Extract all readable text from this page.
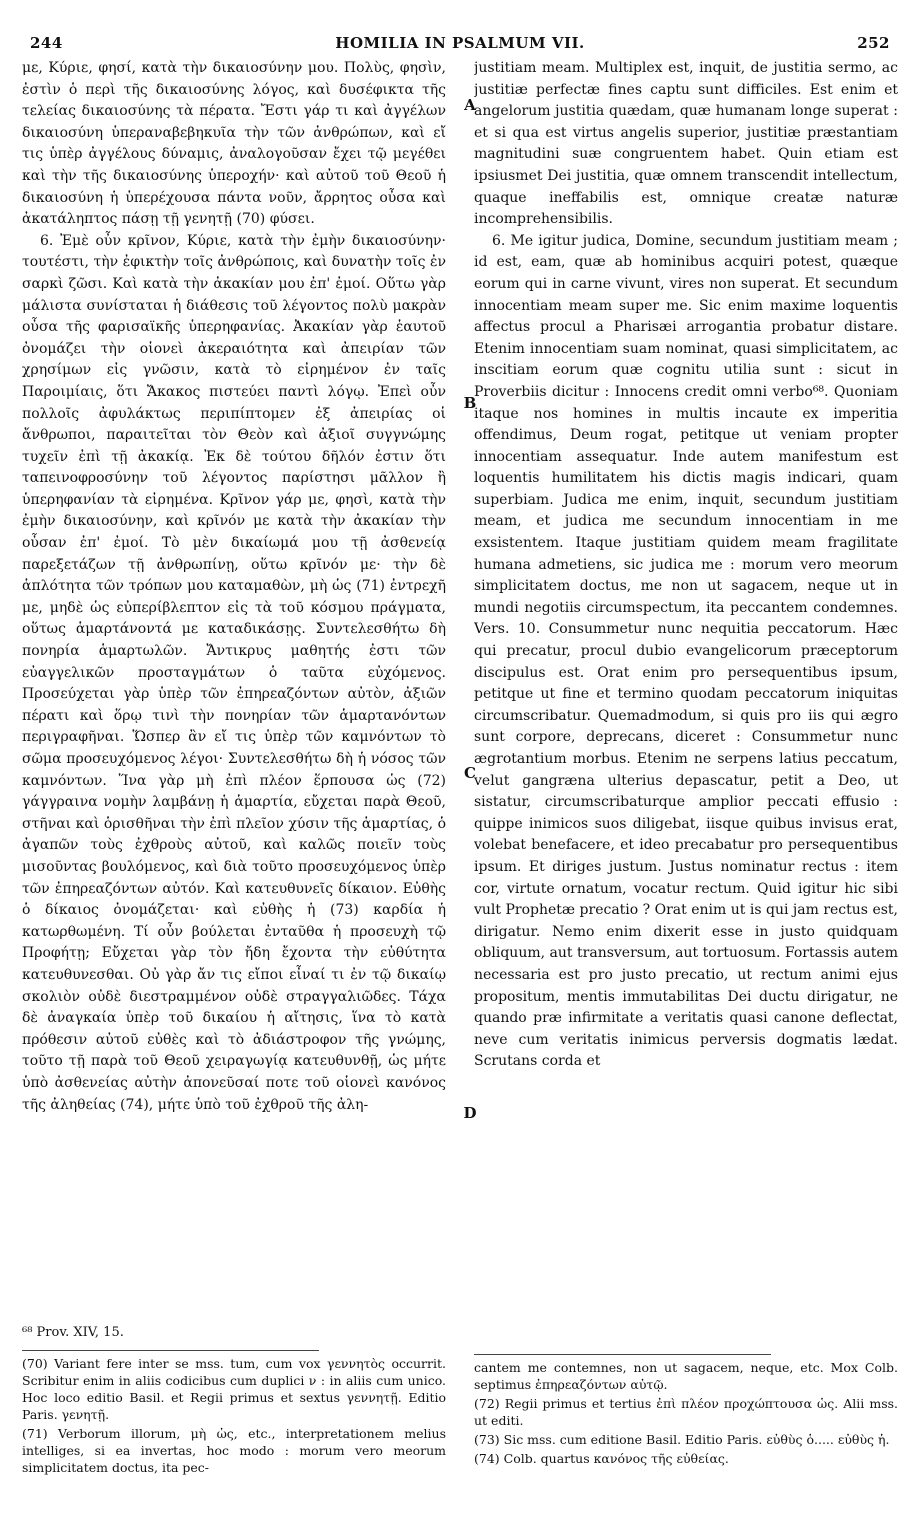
244	HOMILIA IN PSALMUM VII.	252
A
B
C
D

με, Κύριε, φησί, κατὰ τὴν δικαιοσύνην μου. Πολὺς, φησὶν, ἐστὶν ὁ περὶ τῆς δικαιοσύνης λόγος, καὶ δυσέφικτα τῆς τελείας δικαιοσύνης τὰ πέρατα. Ἔστι γάρ τι καὶ ἀγγέλων δικαιοσύνη ὑπεραναβεβηκυῖα τὴν τῶν ἀνθρώπων, καὶ εἴ τις ὑπὲρ ἀγγέλους δύναμις, ἀναλογοῦσαν ἔχει τῷ μεγέθει καὶ τὴν τῆς δικαιοσύνης ὑπεροχήν· καὶ αὐτοῦ τοῦ Θεοῦ ἡ δικαιοσύνη ἡ ὑπερέχουσα πάντα νοῦν, ἄρρητος οὖσα καὶ ἀκατάληπτος πάσῃ τῇ γενητῇ (70) φύσει.

6. Ἐμὲ οὖν κρῖνον, Κύριε, κατὰ τὴν ἐμὴν δικαιοσύνην· τουτέστι, τὴν ἐφικτὴν τοῖς ἀνθρώποις, καὶ δυνατὴν τοῖς ἐν σαρκὶ ζῶσι. Καὶ κατὰ τὴν ἀκακίαν μου ἐπ' ἐμοί. Οὕτω γὰρ μάλιστα συνίσταται ἡ διάθεσις τοῦ λέγοντος πολὺ μακρὰν οὖσα τῆς φαρισαϊκῆς ὑπερηφανίας. Ἀκακίαν γὰρ ἑαυτοῦ ὀνομάζει τὴν οἱονεὶ ἀκεραιότητα καὶ ἀπειρίαν τῶν χρησίμων εἰς γνῶσιν, κατὰ τὸ εἰρημένον ἐν ταῖς Παροιμίαις, ὅτι Ἄκακος πιστεύει παντὶ λόγῳ. Ἐπεὶ οὖν πολλοῖς ἀφυλάκτως περιπίπτομεν ἐξ ἀπειρίας οἱ ἄνθρωποι, παραιτεῖται τὸν Θεὸν καὶ ἀξιοῖ συγγνώμης τυχεῖν ἐπὶ τῇ ἀκακίᾳ. Ἐκ δὲ τούτου δῆλόν ἐστιν ὅτι ταπεινοφροσύνην τοῦ λέγοντος παρίστησι μᾶλλον ἢ ὑπερηφανίαν τὰ εἰρημένα. Κρῖνον γάρ με, φησὶ, κατὰ τὴν ἐμὴν δικαιοσύνην, καὶ κρῖνόν με κατὰ τὴν ἀκακίαν τὴν οὖσαν ἐπ' ἐμοί. Τὸ μὲν δικαίωμά μου τῇ ἀσθενείᾳ παρεξετάζων τῇ ἀνθρωπίνῃ, οὕτω κρῖνόν με· τὴν δὲ ἁπλότητα τῶν τρόπων μου καταμαθὼν, μὴ ὡς (71) ἐντρεχῆ με, μηδὲ ὡς εὐπερίβλεπτον εἰς τὰ τοῦ κόσμου πράγματα, οὕτως ἁμαρτάνοντά με καταδικάσῃς. Συντελεσθήτω δὴ πονηρία ἁμαρτωλῶν. Ἄντικρυς μαθητής ἐστι τῶν εὐαγγελικῶν προσταγμάτων ὁ ταῦτα εὐχόμενος. Προσεύχεται γὰρ ὑπὲρ τῶν ἐπηρεαζόντων αὐτὸν, ἀξιῶν πέρατι καὶ ὅρῳ τινὶ τὴν πονηρίαν τῶν ἁμαρτανόντων περιγραφῆναι. Ὥσπερ ἂν εἴ τις ὑπὲρ τῶν καμνόντων τὸ σῶμα προσευχόμενος λέγοι· Συντελεσθήτω δὴ ἡ νόσος τῶν καμνόντων. Ἵνα γὰρ μὴ ἐπὶ πλέον ἕρπουσα ὡς (72) γάγγραινα νομὴν λαμβάνῃ ἡ ἁμαρτία, εὔχεται παρὰ Θεοῦ, στῆναι καὶ ὁρισθῆναι τὴν ἐπὶ πλεῖον χύσιν τῆς ἁμαρτίας, ὁ ἀγαπῶν τοὺς ἐχθροὺς αὐτοῦ, καὶ καλῶς ποιεῖν τοὺς μισοῦντας βουλόμενος, καὶ διὰ τοῦτο προσευχόμενος ὑπὲρ τῶν ἐπηρεαζόντων αὐτόν. Καὶ κατευθυνεῖς δίκαιον. Εὐθὴς ὁ δίκαιος ὀνομάζεται· καὶ εὐθὴς ἡ (73) καρδία ἡ κατωρθωμένη. Τί οὖν βούλεται ἐνταῦθα ἡ προσευχὴ τῷ Προφήτῃ; Εὔχεται γὰρ τὸν ἤδη ἔχοντα τὴν εὐθύτητα κατευθυνεσθαι. Οὐ γὰρ ἄν τις εἴποι εἶναί τι ἐν τῷ δικαίῳ σκολιὸν οὐδὲ διεστραμμένον οὐδὲ στραγγαλιῶδες. Τάχα δὲ ἀναγκαία ὑπὲρ τοῦ δικαίου ἡ αἴτησις, ἵνα τὸ κατὰ πρόθεσιν αὐτοῦ εὐθὲς καὶ τὸ ἀδιάστροφον τῆς γνώμης, τοῦτο τῇ παρὰ τοῦ Θεοῦ χειραγωγίᾳ κατευθυνθῇ, ὡς μήτε ὑπὸ ἀσθενείας αὐτὴν ἀπονεῦσαί ποτε τοῦ οἱονεὶ κανόνος τῆς ἀληθείας (74), μήτε ὑπὸ τοῦ ἐχθροῦ τῆς ἀλη-

⁶⁸ Prov. XIV, 15.
(70) Variant fere inter se mss. tum, cum vox γεννητὸς occurrit. Scribitur enim in aliis codicibus cum duplici ν : in aliis cum unico. Hoc loco editio Basil. et Regii primus et sextus γεννητῇ. Editio Paris. γενητῇ.
(71) Verborum illorum, μὴ ὡς, etc., interpretationem melius intelliges, si ea invertas, hoc modo : morum vero meorum simplicitatem doctus, ita pec-

justitiam meam. Multiplex est, inquit, de justitia sermo, ac justitiæ perfectæ fines captu sunt difficiles. Est enim et angelorum justitia quædam, quæ humanam longe superat : et si qua est virtus angelis superior, justitiæ præstantiam magnitudini suæ congruentem habet. Quin etiam est ipsiusmet Dei justitia, quæ omnem transcendit intellectum, quaque ineffabilis est, omnique creatæ naturæ incomprehensibilis.

6. Me igitur judica, Domine, secundum justitiam meam ; id est, eam, quæ ab hominibus acquiri potest, quæque eorum qui in carne vivunt, vires non superat. Et secundum innocentiam meam super me. Sic enim maxime loquentis affectus procul a Pharisæi arrogantia probatur distare. Etenim innocentiam suam nominat, quasi simplicitatem, ac inscitiam eorum quæ cognitu utilia sunt : sicut in Proverbiis dicitur : Innocens credit omni verbo⁶⁸. Quoniam itaque nos homines in multis incaute ex imperitia offendimus, Deum rogat, petitque ut veniam propter innocentiam assequatur. Inde autem manifestum est loquentis humilitatem his dictis magis indicari, quam superbiam. Judica me enim, inquit, secundum justitiam meam, et judica me secundum innocentiam in me exsistentem. Itaque justitiam quidem meam fragilitate humana admetiens, sic judica me : morum vero meorum simplicitatem doctus, me non ut sagacem, neque ut in mundi negotiis circumspectum, ita peccantem condemnes. Vers. 10. Consummetur nunc nequitia peccatorum. Hæc qui precatur, procul dubio evangelicorum præceptorum discipulus est. Orat enim pro persequentibus ipsum, petitque ut fine et termino quodam peccatorum iniquitas circumscribatur. Quemadmodum, si quis pro iis qui ægro sunt corpore, deprecans, diceret : Consummetur nunc ægrotantium morbus. Etenim ne serpens latius peccatum, velut gangræna ulterius depascatur, petit a Deo, ut sistatur, circumscribaturque amplior peccati effusio : quippe inimicos suos diligebat, iisque quibus invisus erat, volebat benefacere, et ideo precabatur pro persequentibus ipsum. Et diriges justum. Justus nominatur rectus : item cor, virtute ornatum, vocatur rectum. Quid igitur hic sibi vult Prophetæ precatio ? Orat enim ut is qui jam rectus est, dirigatur. Nemo enim dixerit esse in justo quidquam obliquum, aut transversum, aut tortuosum. Fortassis autem necessaria est pro justo precatio, ut rectum animi ejus propositum, mentis immutabilitas Dei ductu dirigatur, ne quando præ infirmitate a veritatis quasi canone deflectat, neve cum veritatis inimicus perversis dogmatis lædat. Scrutans corda et

cantem me contemnes, non ut sagacem, neque, etc. Mox Colb. septimus ἐπηρεαζόντων αὐτῷ.
(72) Regii primus et tertius ἐπὶ πλέον προχώπτουσα ὡς. Alii mss. ut editi.
(73) Sic mss. cum editione Basil. Editio Paris. εὐθὺς ὁ..... εὐθὺς ἡ.
(74) Colb. quartus κανόνος τῆς εὐθείας.
